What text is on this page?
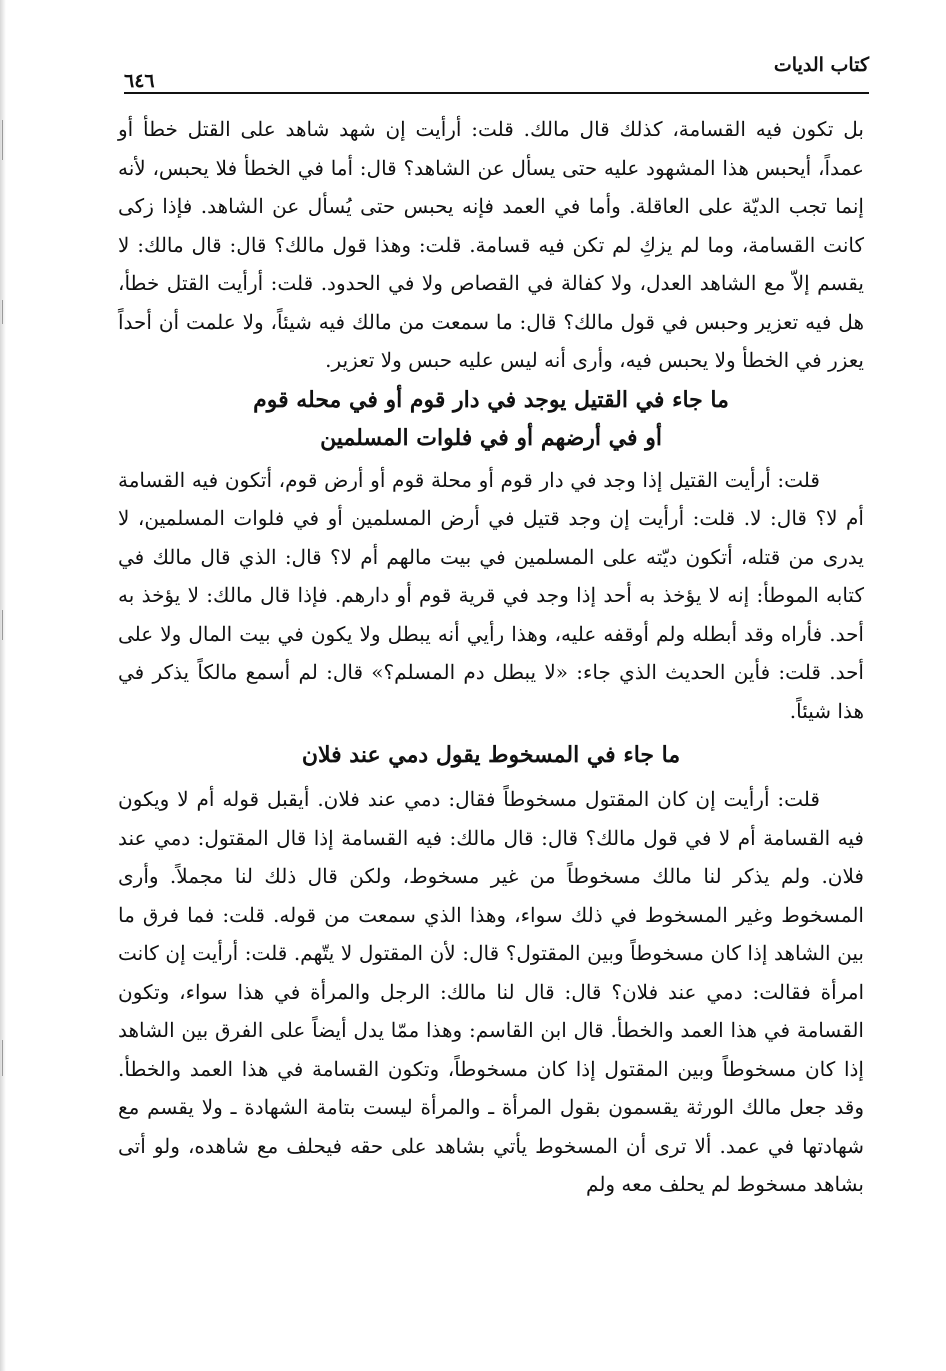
كتاب الديات
٦٤٦

بل تكون فيه القسامة، كذلك قال مالك. قلت: أرأيت إن شهد شاهد على القتل خطأ أو عمداً، أيحبس هذا المشهود عليه حتى يسأل عن الشاهد؟ قال: أما في الخطأ فلا يحبس، لأنه إنما تجب الديّة على العاقلة. وأما في العمد فإنه يحبس حتى يُسأل عن الشاهد. فإذا زكى كانت القسامة، وما لم يزكِ لم تكن فيه قسامة. قلت: وهذا قول مالك؟ قال: قال مالك: لا يقسم إلاّ مع الشاهد العدل، ولا كفالة في القصاص ولا في الحدود. قلت: أرأيت القتل خطأ، هل فيه تعزير وحبس في قول مالك؟ قال: ما سمعت من مالك فيه شيئاً، ولا علمت أن أحداً يعزر في الخطأ ولا يحبس فيه، وأرى أنه ليس عليه حبس ولا تعزير.

ما جاء في القتيل يوجد في دار قوم أو في محله قوم
أو في أرضهم أو في فلوات المسلمين

قلت: أرأيت القتيل إذا وجد في دار قوم أو محلة قوم أو أرض قوم، أتكون فيه القسامة أم لا؟ قال: لا. قلت: أرأيت إن وجد قتيل في أرض المسلمين أو في فلوات المسلمين، لا يدرى من قتله، أتكون ديّته على المسلمين في بيت مالهم أم لا؟ قال: الذي قال مالك في كتابه الموطأ: إنه لا يؤخذ به أحد إذا وجد في قرية قوم أو دارهم. فإذا قال مالك: لا يؤخذ به أحد. فأراه وقد أبطله ولم أوقفه عليه، وهذا رأيي أنه يبطل ولا يكون في بيت المال ولا على أحد. قلت: فأين الحديث الذي جاء: «لا يبطل دم المسلم؟» قال: لم أسمع مالكاً يذكر في هذا شيئاً.

ما جاء في المسخوط يقول دمي عند فلان

قلت: أرأيت إن كان المقتول مسخوطاً فقال: دمي عند فلان. أيقبل قوله أم لا ويكون فيه القسامة أم لا في قول مالك؟ قال: قال مالك: فيه القسامة إذا قال المقتول: دمي عند فلان. ولم يذكر لنا مالك مسخوطاً من غير مسخوط، ولكن قال ذلك لنا مجملاً. وأرى المسخوط وغير المسخوط في ذلك سواء، وهذا الذي سمعت من قوله. قلت: فما فرق ما بين الشاهد إذا كان مسخوطاً وبين المقتول؟ قال: لأن المقتول لا يتّهم. قلت: أرأيت إن كانت امرأة فقالت: دمي عند فلان؟ قال: قال لنا مالك: الرجل والمرأة في هذا سواء، وتكون القسامة في هذا العمد والخطأ. قال ابن القاسم: وهذا ممّا يدل أيضاً على الفرق بين الشاهد إذا كان مسخوطاً وبين المقتول إذا كان مسخوطاً، وتكون القسامة في هذا العمد والخطأ. وقد جعل مالك الورثة يقسمون بقول المرأة ـ والمرأة ليست بتامة الشهادة ـ ولا يقسم مع شهادتها في عمد. ألا ترى أن المسخوط يأتي بشاهد على حقه فيحلف مع شاهده، ولو أتى بشاهد مسخوط لم يحلف معه ولم
